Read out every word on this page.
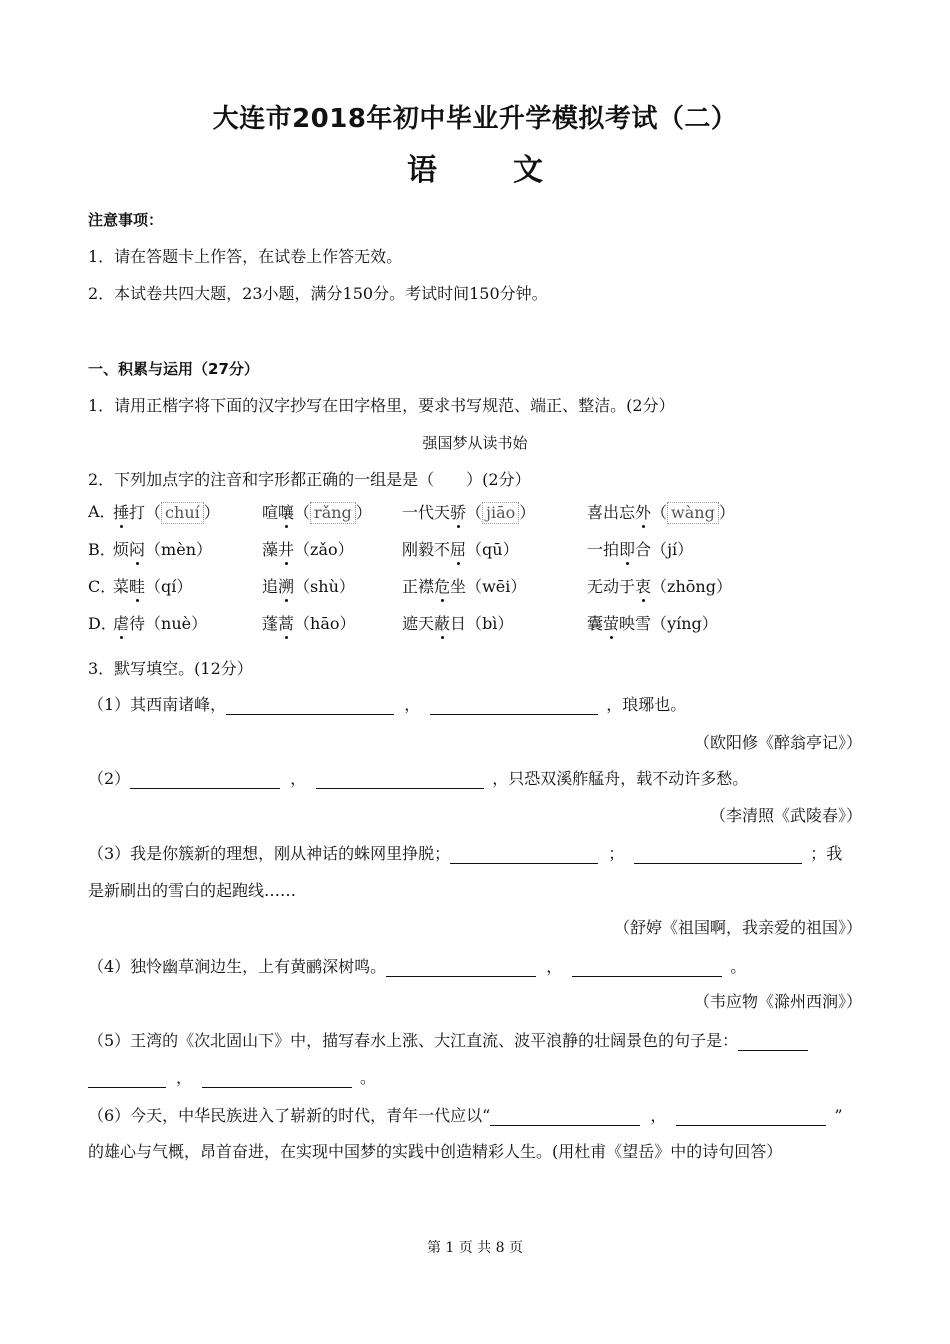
大连市2018年初中毕业升学模拟考试（二）
语	文
注意事项：
1．请在答题卡上作答，在试卷上作答无效。
2．本试卷共四大题，23小题，满分150分。考试时间150分钟。
一、积累与运用（27分）
1．请用正楷字将下面的汉字抄写在田字格里，要求书写规范、端正、整洁。(2分）
强国梦从读书始
2．下列加点字的注音和字形都正确的一组是是（　　）(2分）
A．
捶打（ chuí ）	喧嚷（ rǎng ） 一代天骄（ jiāo ）	喜出忘外（ wàng ）
B．
烦闷（mèn）	藻井（zǎo）	刚毅不屈（qū）	一拍即合（jí）
C．
菜畦（qí）	追溯（shù）	正襟危坐（wēi）	无动于衷（zhōng）
D．
虐待（nuè）	蓬蒿（hāo）	遮天蔽日（bì）	囊萤映雪（yíng）
3．默写填空。(12分）
（1）其西南诸峰，	，	，琅琊也。
（欧阳修《醉翁亭记》）
（2）	，	，只恐双溪舴艋舟，载不动许多愁。
（李清照《武陵春》）
（3）我是你簇新的理想，刚从神话的蛛网里挣脱；	；	；我
是新刷出的雪白的起跑线……
（舒婷《祖国啊，我亲爱的祖国》）
（4）独怜幽草涧边生，上有黄鹂深树鸣。	，	。
（韦应物《滁州西涧》）
（5）王湾的《次北固山下》中，描写春水上涨、大江直流、波平浪静的壮阔景色的句子是：
，	。
（6）今天，中华民族进入了崭新的时代，青年一代应以“	，	”
的雄心与气概，昂首奋进，在实现中国梦的实践中创造精彩人生。(用杜甫《望岳》中的诗句回答）
第 1 页 共 8 页
